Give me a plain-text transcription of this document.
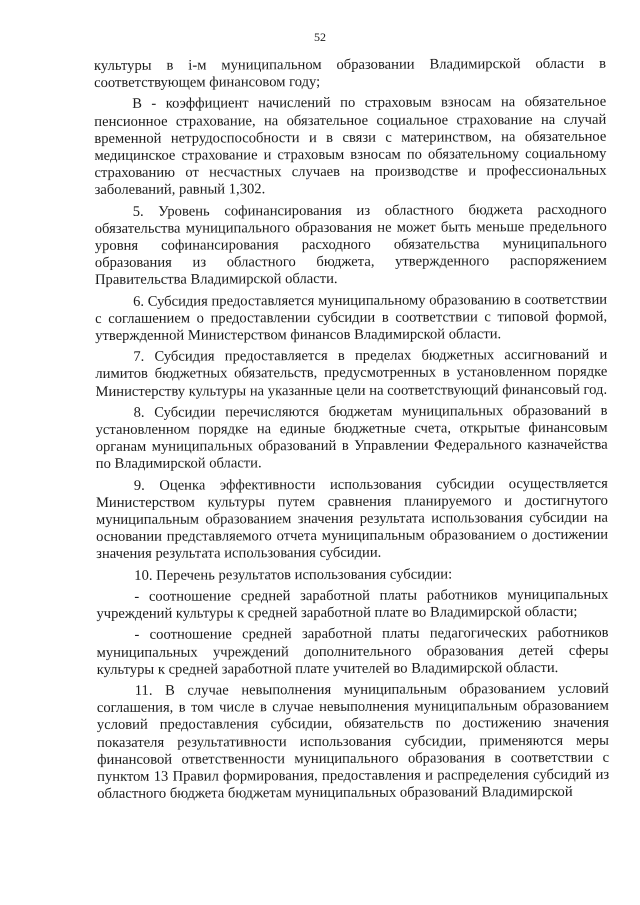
52

культуры в i-м муниципальном образовании Владимирской области в соответствующем финансовом году;

В - коэффициент начислений по страховым взносам на обязательное пенсионное страхование, на обязательное социальное страхование на случай временной нетрудоспособности и в связи с материнством, на обязательное медицинское страхование и страховым взносам по обязательному социальному страхованию от несчастных случаев на производстве и профессиональных заболеваний, равный 1,302.

5. Уровень софинансирования из областного бюджета расходного обязательства муниципального образования не может быть меньше предельного уровня софинансирования расходного обязательства муниципального образования из областного бюджета, утвержденного распоряжением Правительства Владимирской области.

6. Субсидия предоставляется муниципальному образованию в соответствии с соглашением о предоставлении субсидии в соответствии с типовой формой, утвержденной Министерством финансов Владимирской области.

7. Субсидия предоставляется в пределах бюджетных ассигнований и лимитов бюджетных обязательств, предусмотренных в установленном порядке Министерству культуры на указанные цели на соответствующий финансовый год.

8. Субсидии перечисляются бюджетам муниципальных образований в установленном порядке на единые бюджетные счета, открытые финансовым органам муниципальных образований в Управлении Федерального казначейства по Владимирской области.

9. Оценка эффективности использования субсидии осуществляется Министерством культуры путем сравнения планируемого и достигнутого муниципальным образованием значения результата использования субсидии на основании представляемого отчета муниципальным образованием о достижении значения результата использования субсидии.

10. Перечень результатов использования субсидии:

- соотношение средней заработной платы работников муниципальных учреждений культуры к средней заработной плате во Владимирской области;

- соотношение средней заработной платы педагогических работников муниципальных учреждений дополнительного образования детей сферы культуры к средней заработной плате учителей во Владимирской области.

11. В случае невыполнения муниципальным образованием условий соглашения, в том числе в случае невыполнения муниципальным образованием условий предоставления субсидии, обязательств по достижению значения показателя результативности использования субсидии, применяются меры финансовой ответственности муниципального образования в соответствии с пунктом 13 Правил формирования, предоставления и распределения субсидий из областного бюджета бюджетам муниципальных образований Владимирской
